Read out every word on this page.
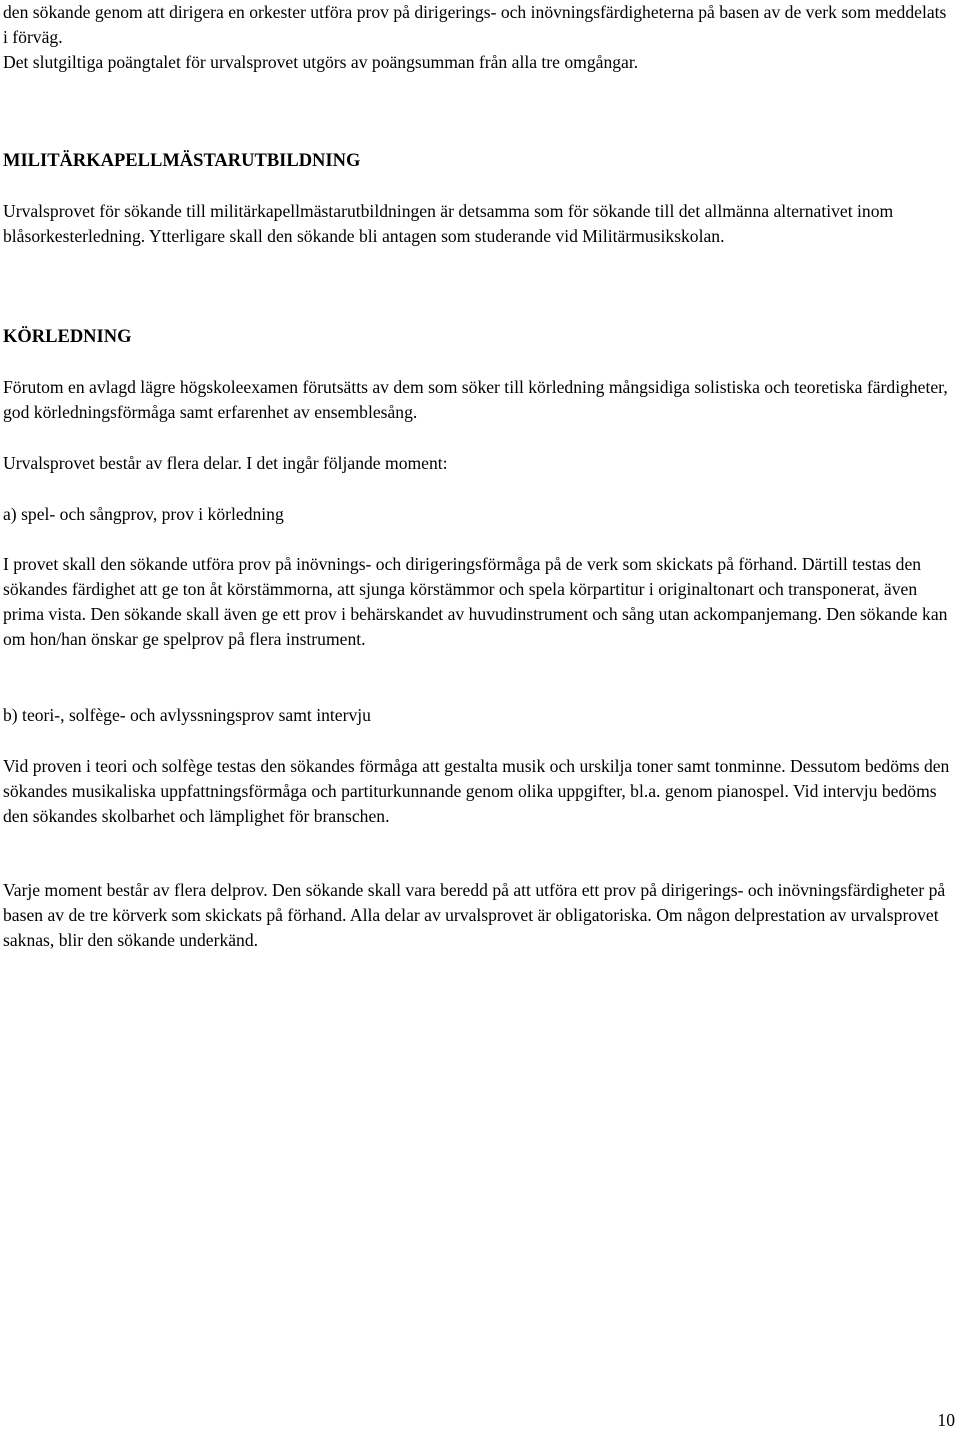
den sökande genom att dirigera en orkester utföra prov på dirigerings- och inövningsfärdigheterna på basen av de verk som meddelats i förväg.

Det slutgiltiga poängtalet för urvalsprovet utgörs av poängsumman från alla tre omgångar.

MILITÄRKAPELLMÄSTARUTBILDNING

Urvalsprovet för sökande till militärkapellmästarutbildningen är detsamma som för sökande till det allmänna alternativet inom blåsorkesterledning. Ytterligare skall den sökande bli antagen som studerande vid Militärmusikskolan.

KÖRLEDNING

Förutom en avlagd lägre högskoleexamen förutsätts av dem som söker till körledning mångsidiga solistiska och teoretiska färdigheter, god körledningsförmåga samt erfarenhet av ensemblesång.

Urvalsprovet består av flera delar. I det ingår följande moment:

a) spel- och sångprov, prov i körledning

I provet skall den sökande utföra prov på inövnings- och dirigeringsförmåga på de verk som skickats på förhand. Därtill testas den sökandes färdighet att ge ton åt körstämmorna, att sjunga körstämmor och spela körpartitur i originaltonart och transponerat, även prima vista. Den sökande skall även ge ett prov i behärskandet av huvudinstrument och sång utan ackompanjemang. Den sökande kan om hon/han önskar ge spelprov på flera instrument.

b) teori-, solfège- och avlyssningsprov samt intervju

Vid proven i teori och solfège testas den sökandes förmåga att gestalta musik och urskilja toner samt tonminne. Dessutom bedöms den sökandes musikaliska uppfattningsförmåga och partiturkunnande genom olika uppgifter, bl.a. genom pianospel. Vid intervju bedöms den sökandes skolbarhet och lämplighet för branschen.

Varje moment består av flera delprov. Den sökande skall vara beredd på att utföra ett prov på dirigerings- och inövningsfärdigheter på basen av de tre körverk som skickats på förhand. Alla delar av urvalsprovet är obligatoriska. Om någon delprestation av urvalsprovet saknas, blir den sökande underkänd.

10
